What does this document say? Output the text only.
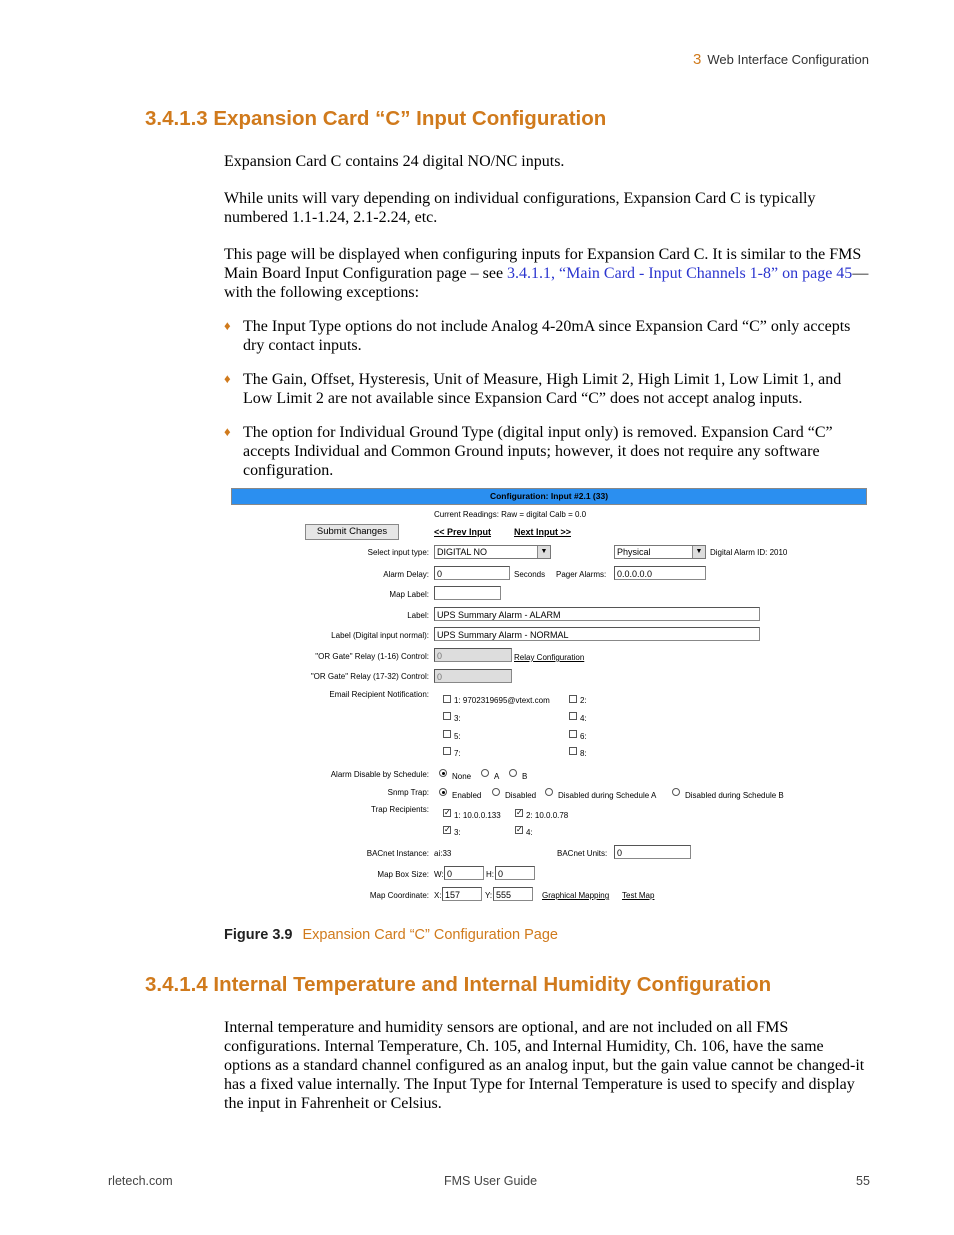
3 Web Interface Configuration
3.4.1.3 Expansion Card “C” Input Configuration

Expansion Card C contains 24 digital NO/NC inputs.

While units will vary depending on individual configurations, Expansion Card C is typically numbered 1.1-1.24, 2.1-2.24, etc.

This page will be displayed when configuring inputs for Expansion Card C. It is similar to the FMS Main Board Input Configuration page – see 3.4.1.1, “Main Card - Input Channels 1-8” on page 45—with the following exceptions:

♦ The Input Type options do not include Analog 4-20mA since Expansion Card “C” only accepts dry contact inputs.
♦ The Gain, Offset, Hysteresis, Unit of Measure, High Limit 2, High Limit 1, Low Limit 1, and Low Limit 2 are not available since Expansion Card “C” does not accept analog inputs.
♦ The option for Individual Ground Type (digital input only) is removed. Expansion Card “C” accepts Individual and Common Ground inputs; however, it does not require any software configuration.
Configuration: Input #2.1 (33)
Current Readings: Raw = digital Calb = 0.0
Submit Changes	<< Prev Input	Next Input >>
Select input type: DIGITAL NO	▼	Physical	▼ Digital Alarm ID: 2010
Alarm Delay: 0	Seconds Pager Alarms:	0.0.0.0.0
Map Label:
Label: UPS Summary Alarm - ALARM
Label (Digital input normal): UPS Summary Alarm - NORMAL
"OR Gate" Relay (1-16) Control: 0	Relay Configuration
"OR Gate" Relay (17-32) Control: 0
Email Recipient Notification:
1: 9702319695@vtext.com	2:
3:	4:
5:	6:
7:	8:
Alarm Disable by Schedule:	None	A	B
Snmp Trap:	Enabled	Disabled	Disabled during Schedule A	Disabled during Schedule B
Trap Recipients: ✓ 1: 10.0.0.133 ✓ 2: 10.0.0.78
✓ 3:	✓ 4:
BACnet Instance: ai:33	BACnet Units:	0
Map Box Size: W: 0	H: 0
Map Coordinate: X: 157	Y: 555	Graphical Mapping Test Map
Figure 3.9 Expansion Card “C” Configuration Page
3.4.1.4 Internal Temperature and Internal Humidity Configuration

Internal temperature and humidity sensors are optional, and are not included on all FMS configurations. Internal Temperature, Ch. 105, and Internal Humidity, Ch. 106, have the same options as a standard channel configured as an analog input, but the gain value cannot be changed-it has a fixed value internally. The Input Type for Internal Temperature is used to specify and display the input in Fahrenheit or Celsius.

rletech.com	FMS User Guide	55
